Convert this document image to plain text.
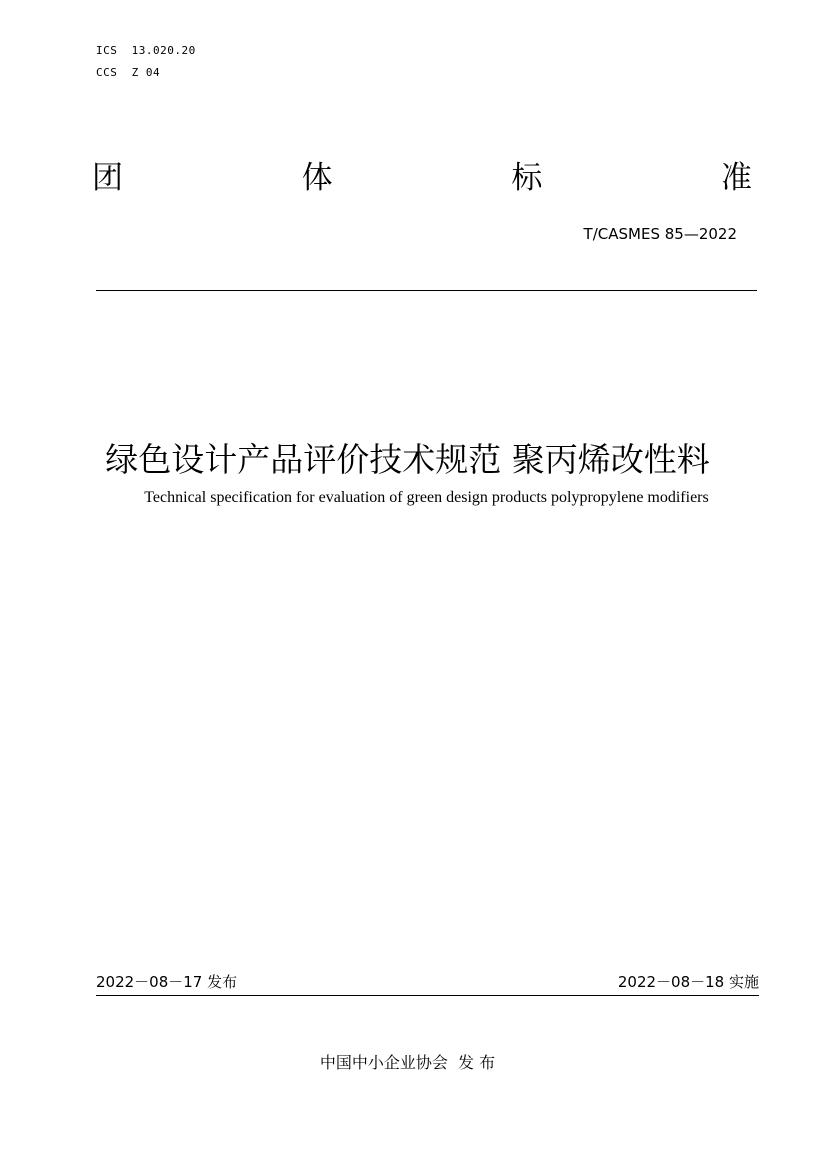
ICS  13.020.20
CCS  Z 04
团	体	标	准
T/CASMES 85—2022
绿色设计产品评价技术规范 聚丙烯改性料
Technical specification for evaluation of green design products polypropylene modifiers
2022－08－17 发布	2022－08－18 实施
中国中小企业协会  发 布
